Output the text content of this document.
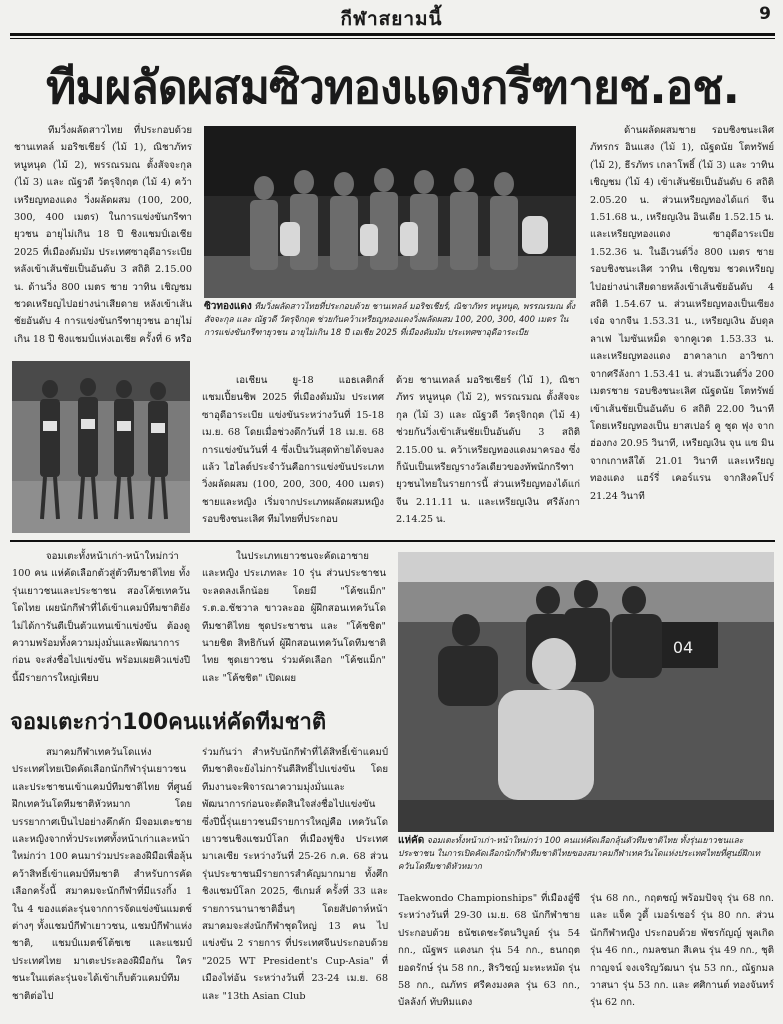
กีฬาสยามนี้	9
ทีมผลัดผสมซิวทองแดงกรีฑายช.อช.

ทีมวิ่งผลัดสาวไทย ที่ประกอบด้วย ชานเทลล์ มอริชเชียร์ (ไม้ 1), ณิชาภัทร หนูหนุด (ไม้ 2), พรรณรมณ ตั้งสัจจะกุล (ไม้ 3) และ ณัฐวดี วัตรุจิกฤต (ไม้ 4) คว้าเหรียญทองแดง วิ่งผลัดผสม (100, 200, 300, 400 เมตร) ในการแข่งขันกรีฑายุวชน อายุไม่เกิน 18 ปี ชิงแชมป์เอเชีย 2025 ที่เมืองดัมมัม ประเทศซาอุดีอาระเบีย หลังเข้าเส้นชัยเป็นอันดับ 3 สถิติ 2.15.00 น. ด้านวิ่ง 800 เมตร ชาย วาทิน เชิญชม ชวดเหรียญไปอย่างน่าเสียดาย หลังเข้าเส้นชัยอันดับ 4 การแข่งขันกรีฑายุวชน อายุไม่เกิน 18 ปี ชิงแชมป์แห่งเอเชีย ครั้งที่ 6 หรือ

ซิวทองแดง ทีมวิ่งผลัดสาวไทยที่ประกอบด้วย ชานเทลล์ มอริชเชียร์, ณิชาภัทร หนูหนุด, พรรณรมณ ตั้งสัจจะกุล และ ณัฐวดี วัตรุจิกฤต ช่วยกันคว้าเหรียญทองแดงวิ่งผลัดผสม 100, 200, 300, 400 เมตร ในการแข่งขันกรีฑายุวชน อายุไม่เกิน 18 ปี เอเชีย 2025 ที่เมืองดัมมัม ประเทศซาอุดีอาระเบีย

เอเชียน ยู-18 แอธเลติกส์ แชมเปี้ยนชิพ 2025 ที่เมืองดัมมัม ประเทศซาอุดีอาระเบีย แข่งขันระหว่างวันที่ 15-18 เม.ย. 68 โดยเมื่อช่วงดึกวันที่ 18 เม.ย. 68 การแข่งขันวันที่ 4 ซึ่งเป็นวันสุดท้ายได้จบลงแล้ว ไฮไลต์ประจำวันคือการแข่งขันประเภทวิ่งผลัดผสม (100, 200, 300, 400 เมตร) ชายและหญิง เริ่มจากประเภทผลัดผสมหญิงรอบชิงชนะเลิศ ทีมไทยที่ประกอบ

ด้วย ชานเทลล์ มอริชเชียร์ (ไม้ 1), ณิชาภัทร หนูหนุด (ไม้ 2), พรรณรมณ ตั้งสัจจะกุล (ไม้ 3) และ ณัฐวดี วัตรุจิกฤต (ไม้ 4) ช่วยกันวิ่งเข้าเส้นชัยเป็นอันดับ 3 สถิติ 2.15.00 น. คว้าเหรียญทองแดงมาครอง ซึ่งก็นับเป็นเหรียญรางวัลเดียวของทัพนักกรีฑายุวชนไทยในรายการนี้ ส่วนเหรียญทองได้แก่ จีน 2.11.11 น. และเหรียญเงิน ศรีลังกา 2.14.25 น.

ด้านผลัดผสมชาย รอบชิงชนะเลิศ ภัทรกร อินแสง (ไม้ 1), ณัฐดนัย โตทรัพย์ (ไม้ 2), ธีรภัทร เกลาโพธิ์ (ไม้ 3) และ วาทิน เชิญชม (ไม้ 4) เข้าเส้นชัยเป็นอันดับ 6 สถิติ 2.05.20 น. ส่วนเหรียญทองได้แก่ จีน 1.51.68 น., เหรียญเงิน อินเดีย 1.52.15 น. และเหรียญทองแดง ซาอุดีอาระเบีย 1.52.36 น. ในอีเวนต์วิ่ง 800 เมตร ชาย รอบชิงชนะเลิศ วาทิน เชิญชม ชวดเหรียญไปอย่างน่าเสียดายหลังเข้าเส้นชัยอันดับ 4 สถิติ 1.54.67 น. ส่วนเหรียญทองเป็นเซียง เจ๋อ จากจีน 1.53.31 น., เหรียญเงิน อับดุลลาเฟ ไมซันเหม็ด จากคูเวต 1.53.33 น. และเหรียญทองแดง ฮาคาลาเก อาวิชกา จากศรีลังกา 1.53.41 น. ส่วนอีเวนต์วิ่ง 200 เมตรชาย รอบชิงชนะเลิศ ณัฐดนัย โตทรัพย์ เข้าเส้นชัยเป็นอันดับ 6 สถิติ 22.00 วินาที โดยเหรียญทองเป็น ยาสเปอร์ คู ชุด ฟุง จากฮ่องกง 20.95 วินาที, เหรียญเงิน จุน แซ มิน จากเกาหลีใต้ 21.01 วินาที และเหรียญทองแดง แฮร์รี่ เคอร์แรน จากสิงคโปร์ 21.24 วินาที

จอมเตะทั้งหน้าเก่า-หน้าใหม่กว่า 100 คน แห่คัดเลือกตัวสู่ตัวทีมชาติไทย ทั้งรุ่นเยาวชนและประชาชน สองโค้ชเทควันโดไทย เผยนักกีฬาที่ได้เข้าแคมป์ทีมชาติยังไม่ได้การันตีเป็นตัวแทนเข้าแข่งขัน ต้องดูความพร้อมทั้งความมุ่งมั่นและพัฒนาการก่อน จะส่งชื่อไปแข่งขัน พร้อมเผยคิวแข่งปีนี้มีรายการใหญ่เพียบ

ในประเภทเยาวชนจะคัดเอาชายและหญิง ประเภทละ 10 รุ่น ส่วนประชาชนจะลดลงเล็กน้อย โดยมี "โค้ชแม็ก" ร.ต.อ.ชัชวาล ขาวละออ ผู้ฝึกสอนเทควันโดทีมชาติไทย ชุดประชาชน และ "โค้ชชิต" นายชิต สิทธิกันท์ ผู้ฝึกสอนเทควันโดทีมชาติไทย ชุดเยาวชน ร่วมคัดเลือก "โค้ชแม็ก" และ "โค้ชชิต" เปิดเผย

จอมเตะกว่า100คนแห่คัดทีมชาติ

สมาคมกีฬาเทควันโดแห่งประเทศไทยเปิดคัดเลือกนักกีฬารุ่นเยาวชนและประชาชนเข้าแคมป์ทีมชาติไทย ที่ศูนย์ฝึกเทควันโดทีมชาติหัวหมาก โดยบรรยากาศเป็นไปอย่างคึกคัก มีจอมเตะชายและหญิงจากทั่วประเทศทั้งหน้าเก่าและหน้าใหม่กว่า 100 คนมาร่วมประลองฝีมือเพื่อลุ้นคว้าสิทธิ์เข้าแคมป์ทีมชาติ สำหรับการคัดเลือกครั้งนี้ สมาคมจะนักกีฬาที่มีแรงกิ้ง 1 ใน 4 ของแต่ละรุ่นจากการจัดแข่งขันแมตช์ต่างๆ ทั้งแชมป์กีฬาเยาวชน, แชมป์กีฬาแห่งชาติ, แชมป์แมตช์โต้ชเช และแชมป์ประเทศไทย มาเตะประลองฝีมือกัน ใครชนะในแต่ละรุ่นจะได้เข้าเก็บตัวแคมป์ทีมชาติต่อไป

ร่วมกันว่า สำหรับนักกีฬาที่ได้สิทธิ์เข้าแคมป์ทีมชาติจะยังไม่การันตีสิทธิ์ไปแข่งขัน โดยทีมงานจะพิจารณาความมุ่งมั่นและพัฒนาการก่อนจะตัดสินใจส่งชื่อไปแข่งขัน ซึ่งปีนี้รุ่นเยาวชนมีรายการใหญ่คือ เทควันโดเยาวชนชิงแชมป์โลก ที่เมืองฟูชิง ประเทศมาเลเซีย ระหว่างวันที่ 25-26 ก.ค. 68 ส่วนรุ่นประชาชนมีรายการสำคัญมากมาย ทั้งศึกชิงแชมป์โลก 2025, ซีเกมส์ ครั้งที่ 33 และรายการนานาชาติอื่นๆ โดยสัปดาห์หน้าสมาคมจะส่งนักกีฬาชุดใหญ่ 13 คน ไปแข่งขัน 2 รายการ ที่ประเทศจีนประกอบด้วย "2025 WT President's Cup-Asia" ที่เมืองไท่อัน ระหว่างวันที่ 23-24 เม.ย. 68 และ "13th Asian Club

04
แห่คัด จอมเตะทั้งหน้าเก่า-หน้าใหม่กว่า 100 คนแห่คัดเลือกลุ้นตัวทีมชาติไทย ทั้งรุ่นเยาวชนและประชาชน ในการเปิดคัดเลือกนักกีฬาทีมชาติไทยของสมาคมกีฬาเทควันโดแห่งประเทศไทยที่ศูนย์ฝึกเทควันโดทีมชาติหัวหมาก

Taekwondo Championships" ที่เมืองอู๋ซีระหว่างวันที่ 29-30 เม.ย. 68 นักกีฬาชาย ประกอบด้วย ธนัชเดชะรัตนวิบูลย์ รุ่น 54 กก., ณัฐพร แดงนก รุ่น 54 กก., ธนกฤต ยอดรักษ์ รุ่น 58 กก., สิรวิชญ์ มะหะหมัด รุ่น 58 กก., ณภัทร ศรีคงมงคล รุ่น 63 กก., บัลลังก์ ทับทิมแดง

รุ่น 68 กก., กฤตชญ์ พร้อมปัจจุ รุ่น 68 กก. และ แจ็ค วูดี้ เมอร์เซอร์ รุ่น 80 กก. ส่วนนักกีฬาหญิง ประกอบด้วย พัชรกัญญ์ พูลเกิด รุ่น 46 กก., กมลชนก สีเคน รุ่น 49 กก., ชุติกาญจน์ จงเจริญวัฒนา รุ่น 53 กก., ณัฐกมล วาสนา รุ่น 53 กก. และ ศศิกานต์ ทองจันทร์ รุ่น 62 กก.
